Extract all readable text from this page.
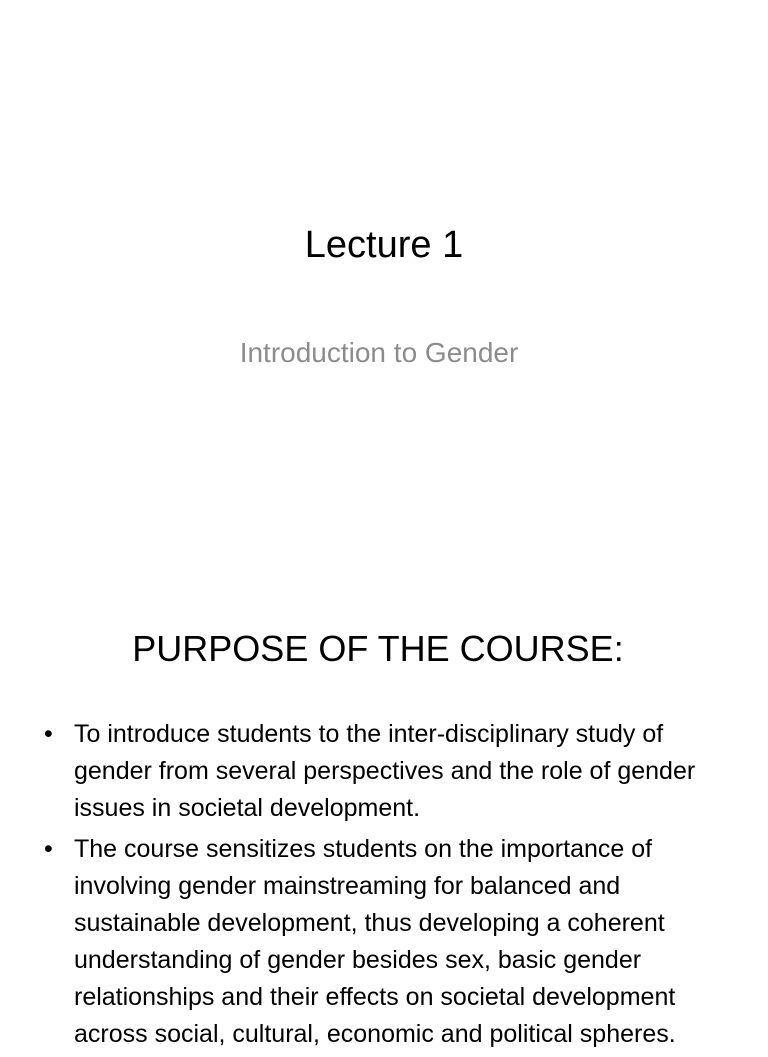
Lecture 1

Introduction to Gender

PURPOSE OF THE COURSE:
• To introduce students to the inter-disciplinary study of gender from several perspectives and the role of gender issues in societal development.
• The course sensitizes students on the importance of involving gender mainstreaming for balanced and sustainable development, thus developing a coherent understanding of gender besides sex, basic gender relationships and their effects on societal development across social, cultural, economic and political spheres.
